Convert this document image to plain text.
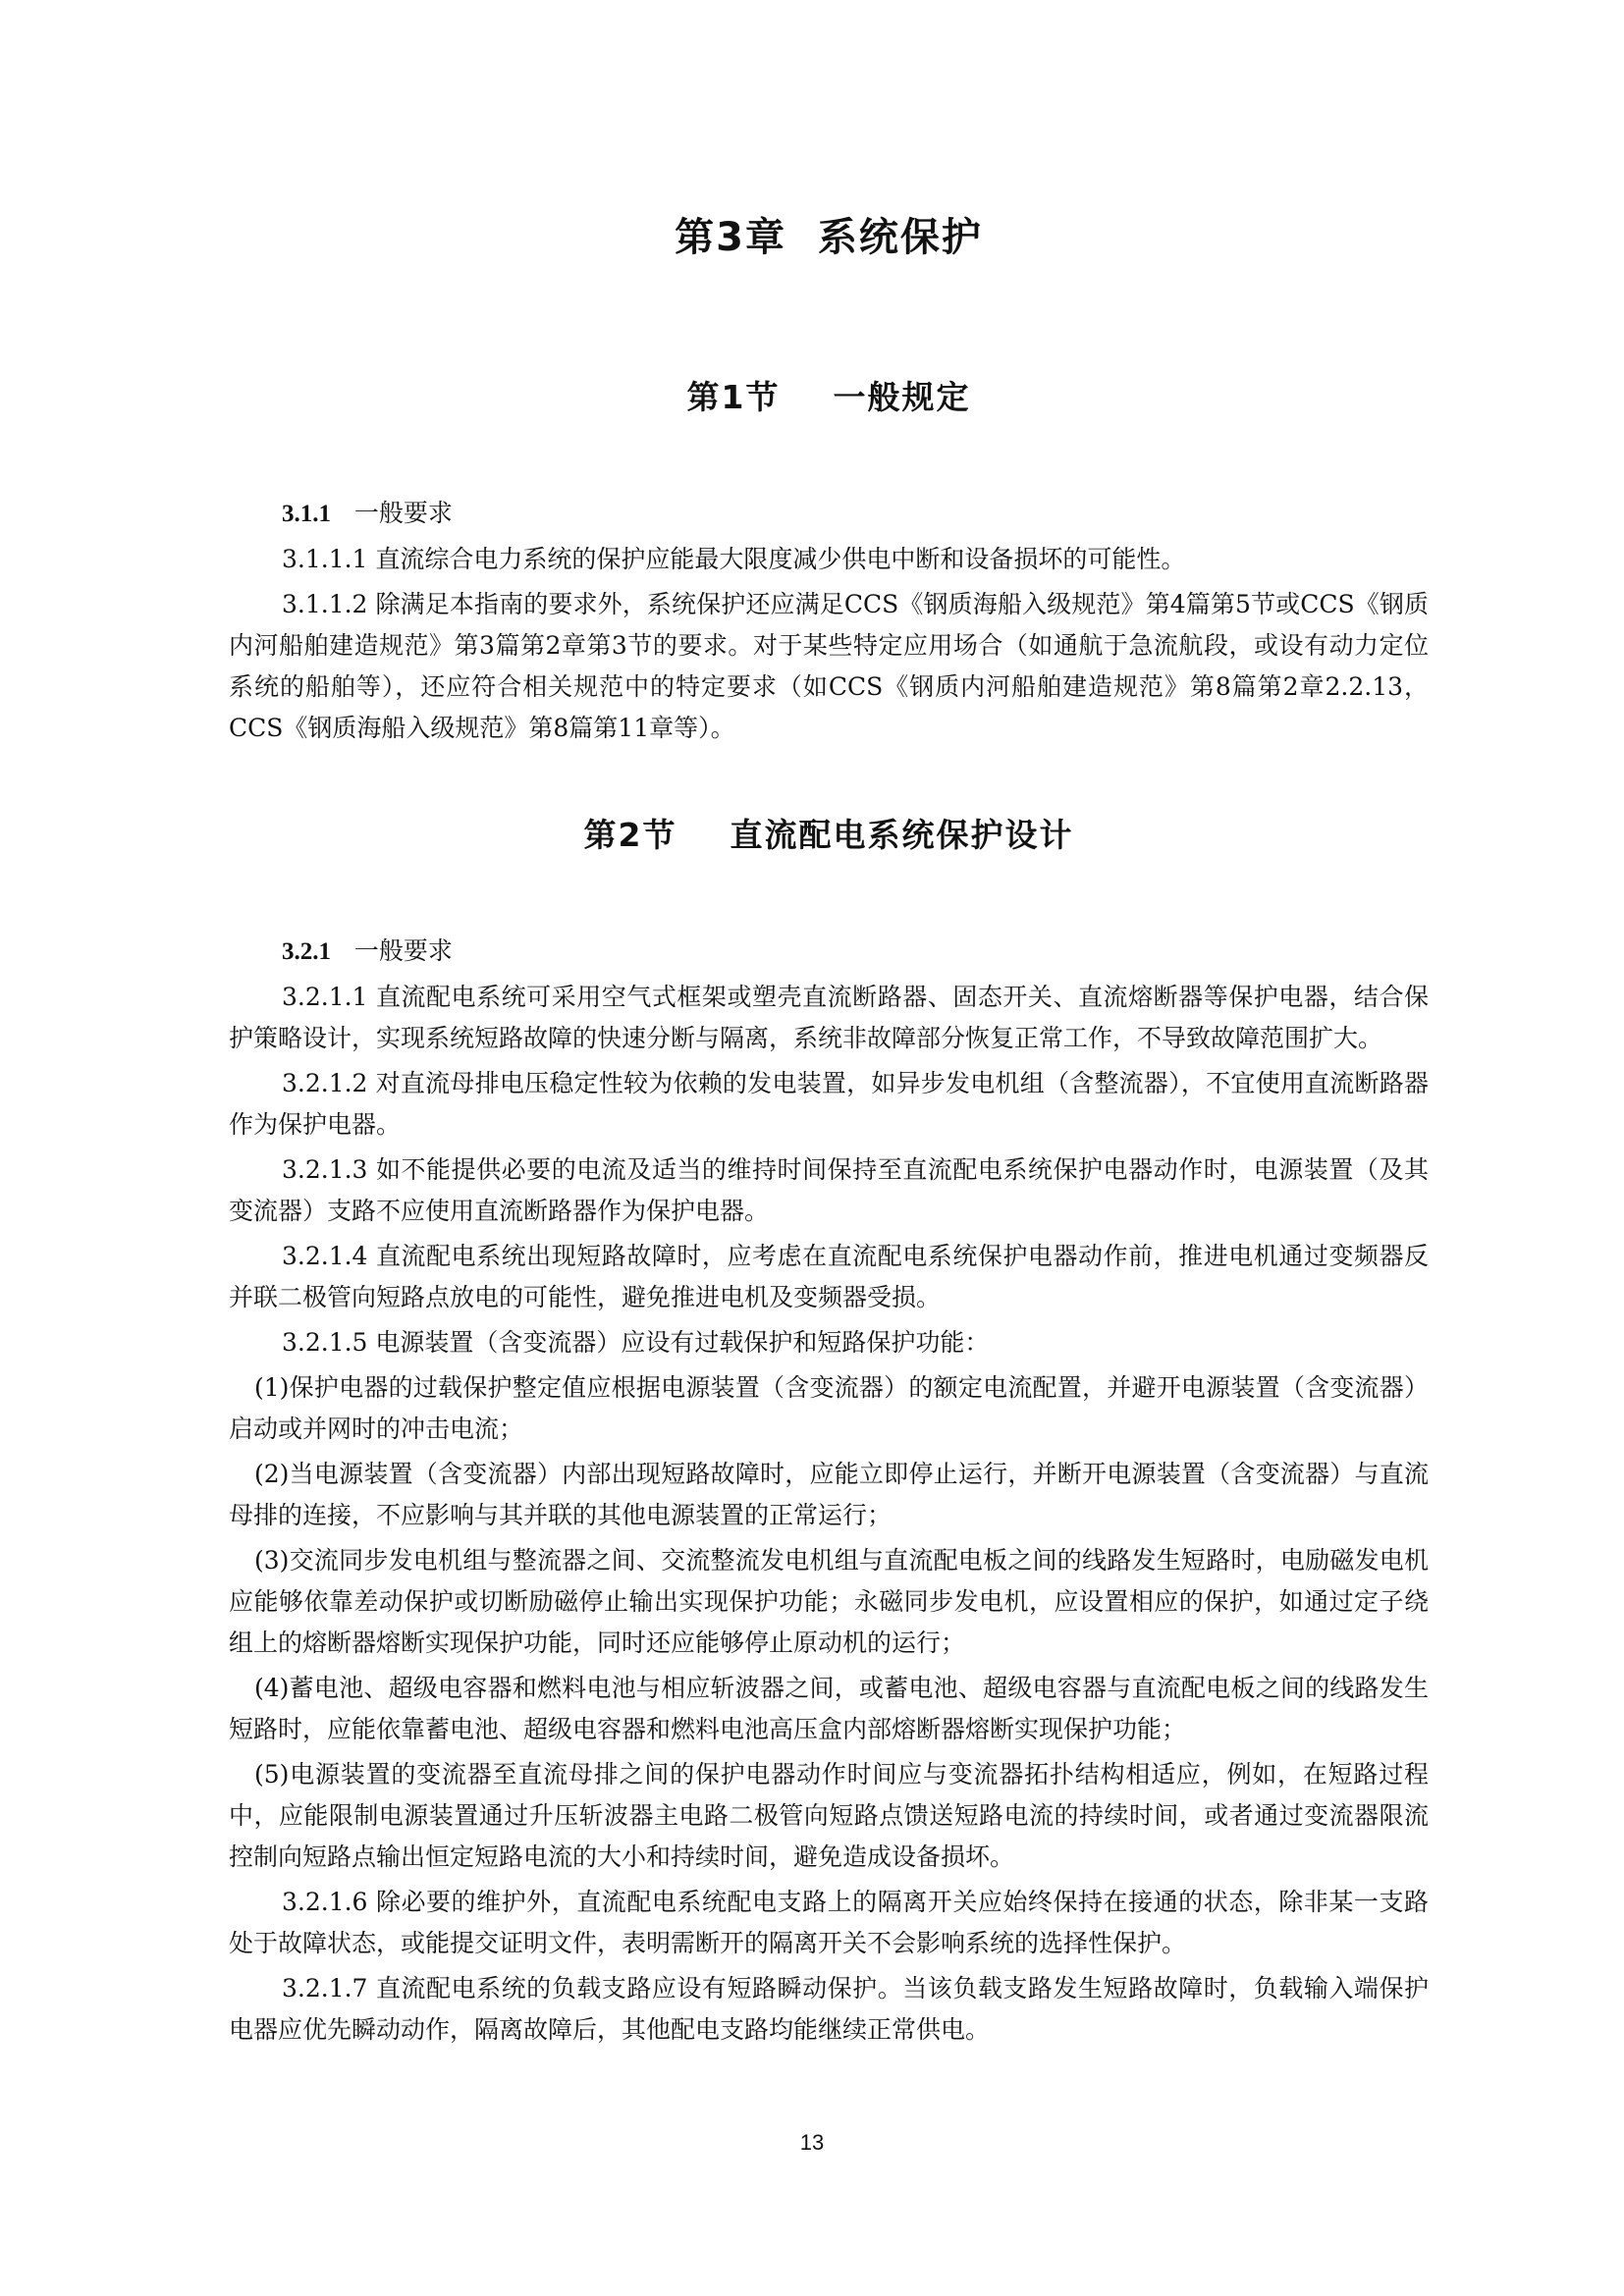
第3章  系统保护
第1节    一般规定
3.1.1 一般要求

3.1.1.1 直流综合电力系统的保护应能最大限度减少供电中断和设备损坏的可能性。

3.1.1.2 除满足本指南的要求外，系统保护还应满足CCS《钢质海船入级规范》第4篇第5节或CCS《钢质内河船舶建造规范》第3篇第2章第3节的要求。对于某些特定应用场合（如通航于急流航段，或设有动力定位系统的船舶等），还应符合相关规范中的特定要求（如CCS《钢质内河船舶建造规范》第8篇第2章2.2.13，CCS《钢质海船入级规范》第8篇第11章等）。

第2节    直流配电系统保护设计
3.2.1 一般要求

3.2.1.1 直流配电系统可采用空气式框架或塑壳直流断路器、固态开关、直流熔断器等保护电器，结合保护策略设计，实现系统短路故障的快速分断与隔离，系统非故障部分恢复正常工作，不导致故障范围扩大。

3.2.1.2 对直流母排电压稳定性较为依赖的发电装置，如异步发电机组（含整流器），不宜使用直流断路器作为保护电器。

3.2.1.3 如不能提供必要的电流及适当的维持时间保持至直流配电系统保护电器动作时，电源装置（及其变流器）支路不应使用直流断路器作为保护电器。

3.2.1.4 直流配电系统出现短路故障时，应考虑在直流配电系统保护电器动作前，推进电机通过变频器反并联二极管向短路点放电的可能性，避免推进电机及变频器受损。

3.2.1.5 电源装置（含变流器）应设有过载保护和短路保护功能：

(1)保护电器的过载保护整定值应根据电源装置（含变流器）的额定电流配置，并避开电源装置（含变流器）启动或并网时的冲击电流；

(2)当电源装置（含变流器）内部出现短路故障时，应能立即停止运行，并断开电源装置（含变流器）与直流母排的连接，不应影响与其并联的其他电源装置的正常运行；

(3)交流同步发电机组与整流器之间、交流整流发电机组与直流配电板之间的线路发生短路时，电励磁发电机应能够依靠差动保护或切断励磁停止输出实现保护功能；永磁同步发电机，应设置相应的保护，如通过定子绕组上的熔断器熔断实现保护功能，同时还应能够停止原动机的运行；

(4)蓄电池、超级电容器和燃料电池与相应斩波器之间，或蓄电池、超级电容器与直流配电板之间的线路发生短路时，应能依靠蓄电池、超级电容器和燃料电池高压盒内部熔断器熔断实现保护功能；

(5)电源装置的变流器至直流母排之间的保护电器动作时间应与变流器拓扑结构相适应，例如，在短路过程中，应能限制电源装置通过升压斩波器主电路二极管向短路点馈送短路电流的持续时间，或者通过变流器限流控制向短路点输出恒定短路电流的大小和持续时间，避免造成设备损坏。

3.2.1.6 除必要的维护外，直流配电系统配电支路上的隔离开关应始终保持在接通的状态，除非某一支路处于故障状态，或能提交证明文件，表明需断开的隔离开关不会影响系统的选择性保护。

3.2.1.7 直流配电系统的负载支路应设有短路瞬动保护。当该负载支路发生短路故障时，负载输入端保护电器应优先瞬动动作，隔离故障后，其他配电支路均能继续正常供电。

13
